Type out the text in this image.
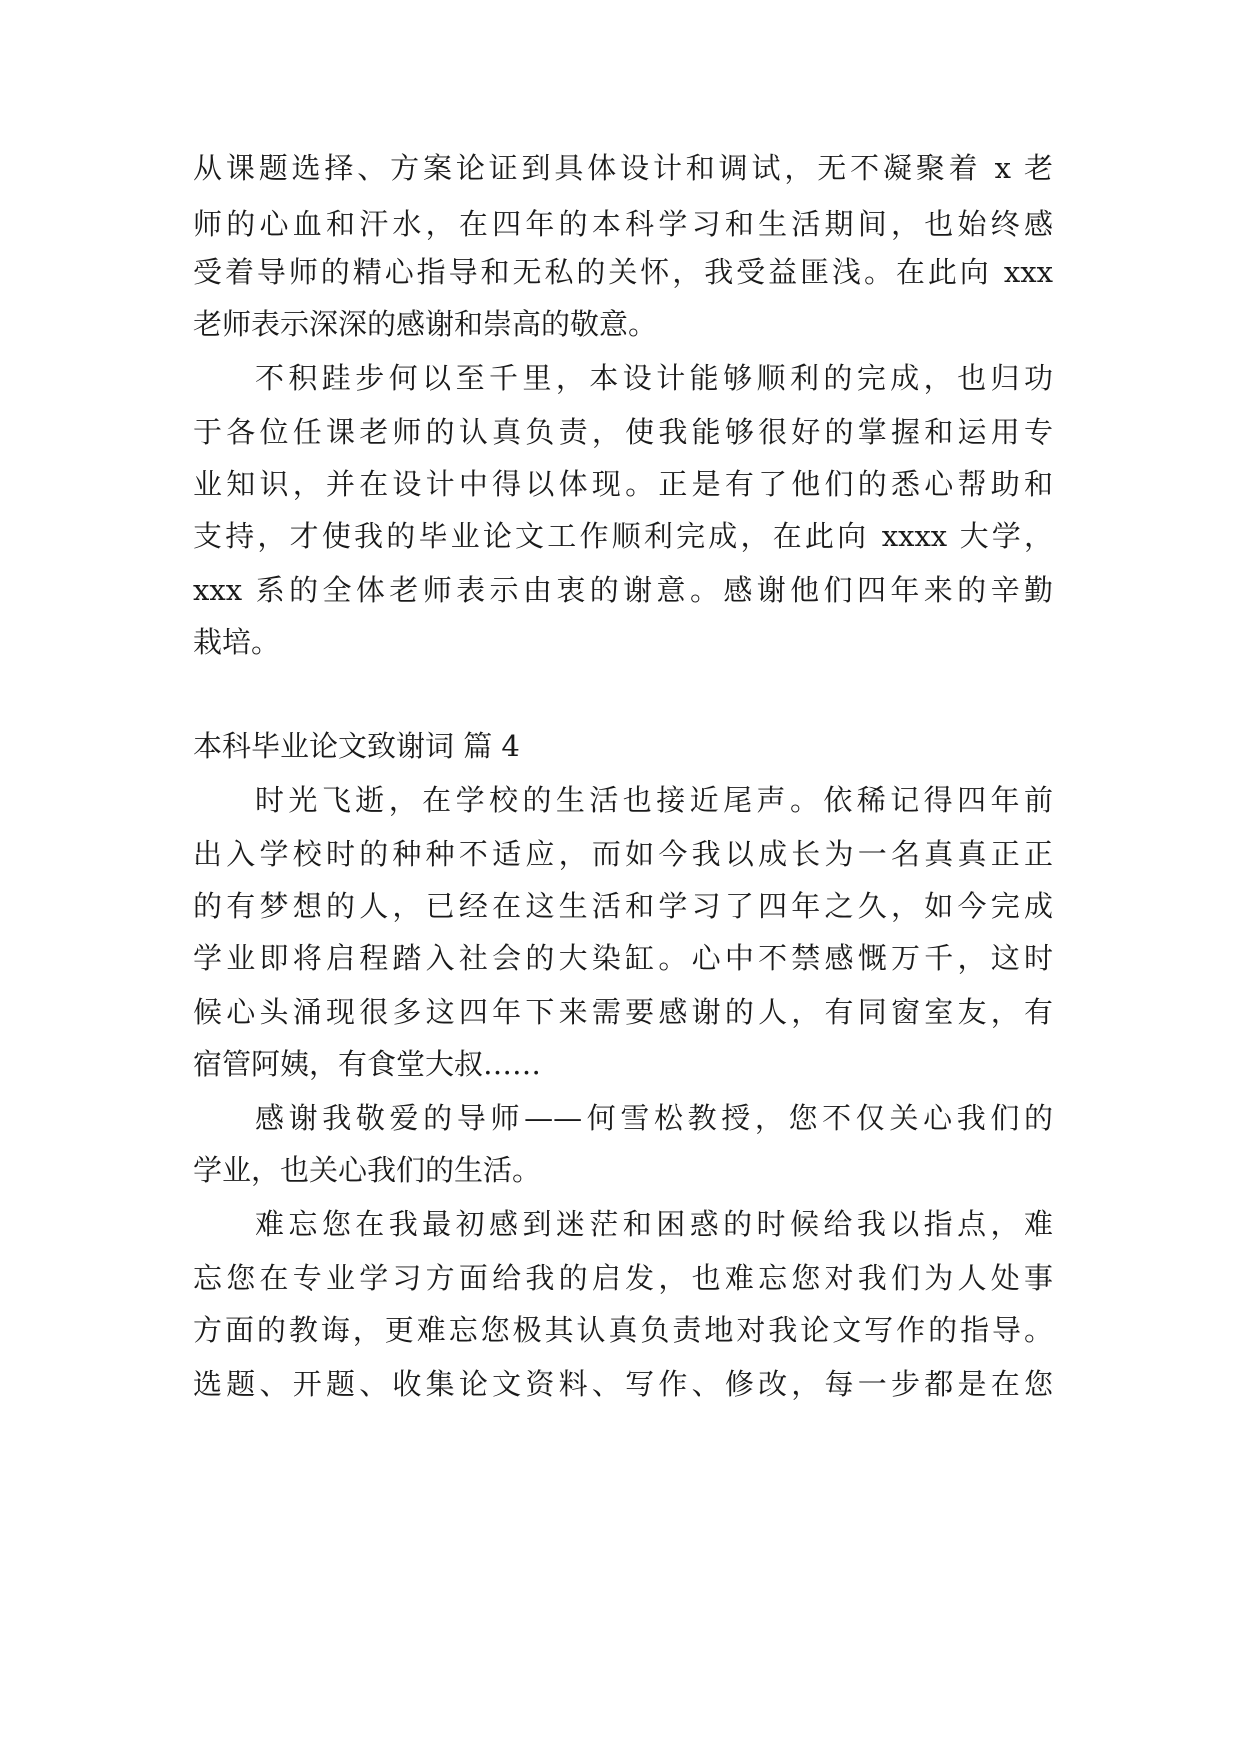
从课题选择、方案论证到具体设计和调试，无不凝聚着 x 老
师的心血和汗水，在四年的本科学习和生活期间，也始终感
受着导师的精心指导和无私的关怀，我受益匪浅。在此向 xxx
老师表示深深的感谢和崇高的敬意。
不积跬步何以至千里，本设计能够顺利的完成，也归功
于各位任课老师的认真负责，使我能够很好的掌握和运用专
业知识，并在设计中得以体现。正是有了他们的悉心帮助和
支持，才使我的毕业论文工作顺利完成，在此向 xxxx 大学，
xxx 系的全体老师表示由衷的谢意。感谢他们四年来的辛勤
栽培。
本科毕业论文致谢词 篇 4
时光飞逝，在学校的生活也接近尾声。依稀记得四年前
出入学校时的种种不适应，而如今我以成长为一名真真正正
的有梦想的人，已经在这生活和学习了四年之久，如今完成
学业即将启程踏入社会的大染缸。心中不禁感慨万千，这时
候心头涌现很多这四年下来需要感谢的人，有同窗室友，有
宿管阿姨，有食堂大叔……
感谢我敬爱的导师——何雪松教授，您不仅关心我们的
学业，也关心我们的生活。
难忘您在我最初感到迷茫和困惑的时候给我以指点，难
忘您在专业学习方面给我的启发，也难忘您对我们为人处事
方面的教诲，更难忘您极其认真负责地对我论文写作的指导。
选题、开题、收集论文资料、写作、修改，每一步都是在您
